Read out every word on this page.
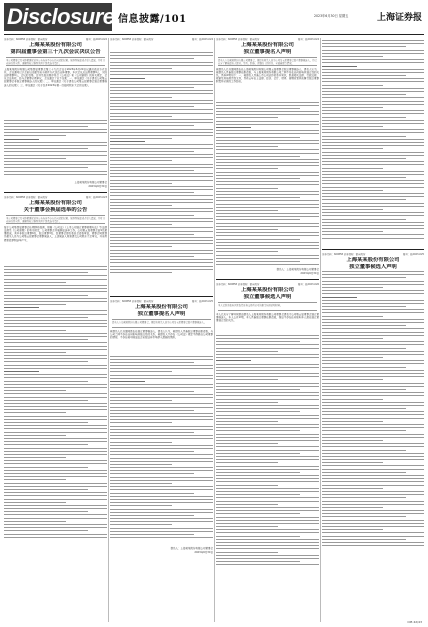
Disclosure 信息披露/101	2023年6月30日 星期五	上海证券报
证券代码：600858 证券简称：银座股份	编号：临2023-022
上海某某股份有限公司
第四届董事会第三十九次会议决议公告
本公司董事会及全体董事保证本公告内容不存在任何虚假记载、误导性陈述或者重大遗漏，并对其内容的真实性、准确性和完整性承担个别及连带责任。
上海某某股份有限公司第四届董事会第三十九次会议于2023年6月29日以通讯表决方式召开，会议通知已于会前以书面及电子邮件方式送达全体董事。本次会议应出席董事9人，实际出席董事9人。会议的召集、召开及表决程序符合《公司法》和《公司章程》的有关规定，会议合法有效。经与会董事认真审议，会议通过了以下议案：一、审议通过《关于提名公司第五届董事会非独立董事候选人的议案》；二、审议通过《关于提名公司第五届董事会独立董事候选人的议案》；三、审议通过《关于召开2023年第一次临时股东大会的议案》。
上海某某股份有限公司董事会
2023年6月30日
证券代码：600858 证券简称：银座股份	编号：临2023-023
上海某某股份有限公司
关于董事会换届选举的公告
本公司董事会及全体董事保证本公告内容不存在任何虚假记载、误导性陈述或者重大遗漏，并对其内容的真实性、准确性和完整性承担个别及连带责任。
鉴于公司第四届董事会任期即将届满，根据《公司法》《上市公司独立董事管理办法》等法律法规及《公司章程》的有关规定，公司董事会开展换届选举工作。公司第五届董事会由9名董事组成，其中非独立董事6名，独立董事3名。经董事会提名委员会资格审查，董事会同意提名相关人员为公司第五届董事会董事候选人，上述候选人尚需提交公司股东大会审议，并采用累积投票制选举产生。
证券代码：600858 证券简称：银座股份	编号：临2023-024
证券代码：600858 证券简称：银座股份	编号：临2023-025
上海某某股份有限公司
独立董事提名人声明
提名人上海某某股份有限公司董事会，现提名相关人员为公司第五届董事会独立董事候选人。
被提名人已书面同意出任独立董事候选人。提名人认为，被提名人具备独立董事任职资格，与公司之间不存在任何影响其独立性的关系。被提名人不存在《公司法》规定不得担任公司董事的情形，不存在被中国证监会采取证券市场禁入措施的情形。
提名人：上海某某股份有限公司董事会
2023年6月30日
证券代码：600858 证券简称：银座股份	编号：临2023-024
上海某某股份有限公司
独立董事提名人声明
提名人上海某某股份有限公司董事会，现提名相关人员为公司第五届董事会独立董事候选人，并已充分了解被提名人职业、学历、职称、详细的工作经历、全部兼职等情况。
被提名人已书面同意出任上海某某股份有限公司第五届董事会独立董事候选人。提名人认为，被提名人具备独立董事任职资格，与上海某某股份有限公司之间不存在任何影响其独立性的关系，具体声明如下：一、被提名人具备上市公司运作的基本知识，熟悉相关法律、行政法规、规章及其他规范性文件，具有五年以上法律、经济、会计、财务、管理或者其他履行独立董事职责所必需的工作经验。
提名人：上海某某股份有限公司董事会
2023年6月30日
证券代码：600858 证券简称：银座股份	编号：临2023-026
上海某某股份有限公司
独立董事候选人声明
本人已经参加培训并取得证券交易所认可的相关培训证明材料。
本人已充分了解并同意由提名人上海某某股份有限公司董事会提名为公司第五届董事会独立董事候选人。本人公开声明，本人具备独立董事任职资格，保证不存在任何影响本人担任独立董事独立性的关系。
证券代码：600858 证券简称：银座股份	编号：临2023-025
上海某某股份有限公司
独立董事候选人声明
CIB 42/43
